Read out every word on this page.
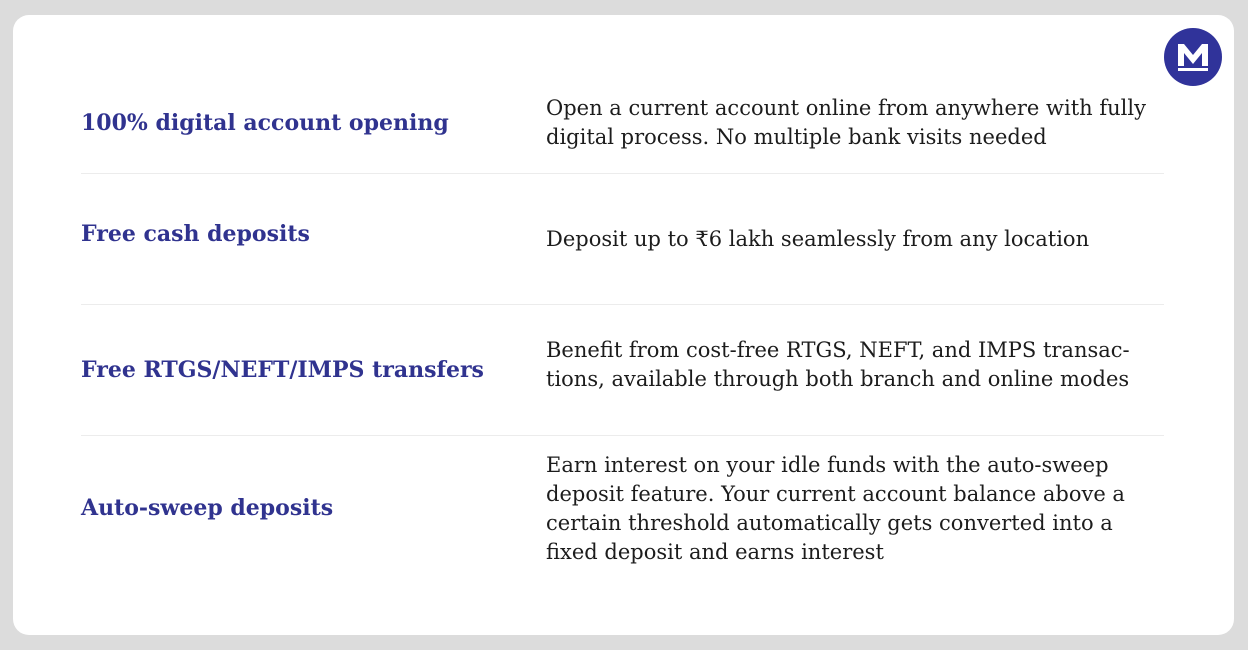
100% digital account opening
Open a current account online from anywhere with fully digital process. No multiple bank visits needed
Free cash deposits	Deposit up to ₹6 lakh seamlessly from any location
Free RTGS/NEFT/IMPS transfers
Benefit from cost-free RTGS, NEFT, and IMPS transac-tions, available through both branch and online modes
Auto-sweep deposits
Earn interest on your idle funds with the auto-sweep deposit feature. Your current account balance above a certain threshold automatically gets converted into a fixed deposit and earns interest
